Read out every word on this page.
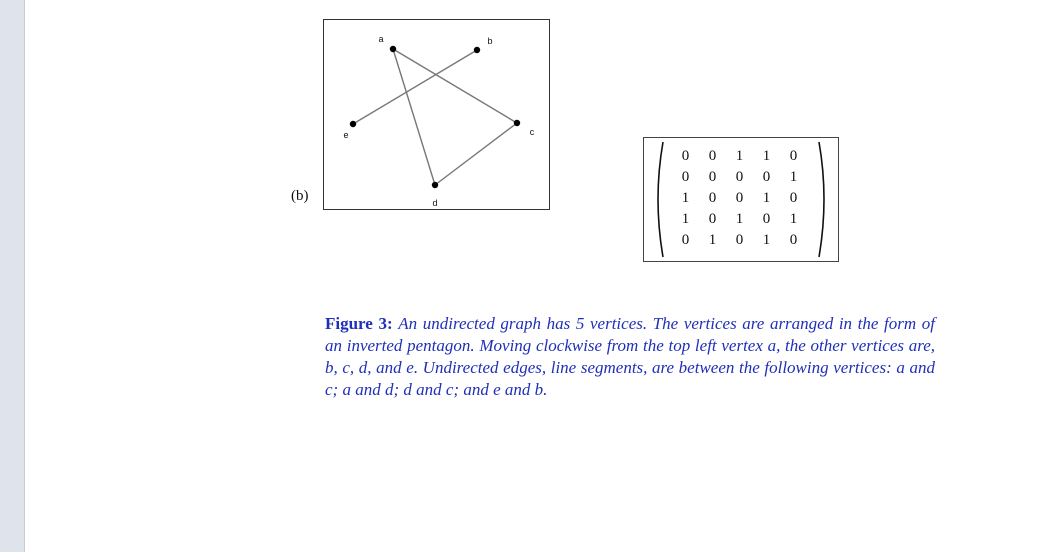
(b)
a	b
c
d
e
0	0	1	1	0
0	0	0	0	1
1	0	0	1	0
1	0	1	0	1
0	1	0	1	0
Figure 3: An undirected graph has 5 vertices. The vertices are arranged in the form of an inverted pentagon. Moving clockwise from the top left vertex a, the other vertices are, b, c, d, and e. Undirected edges, line segments, are between the following vertices: a and c; a and d; d and c; and e and b.
